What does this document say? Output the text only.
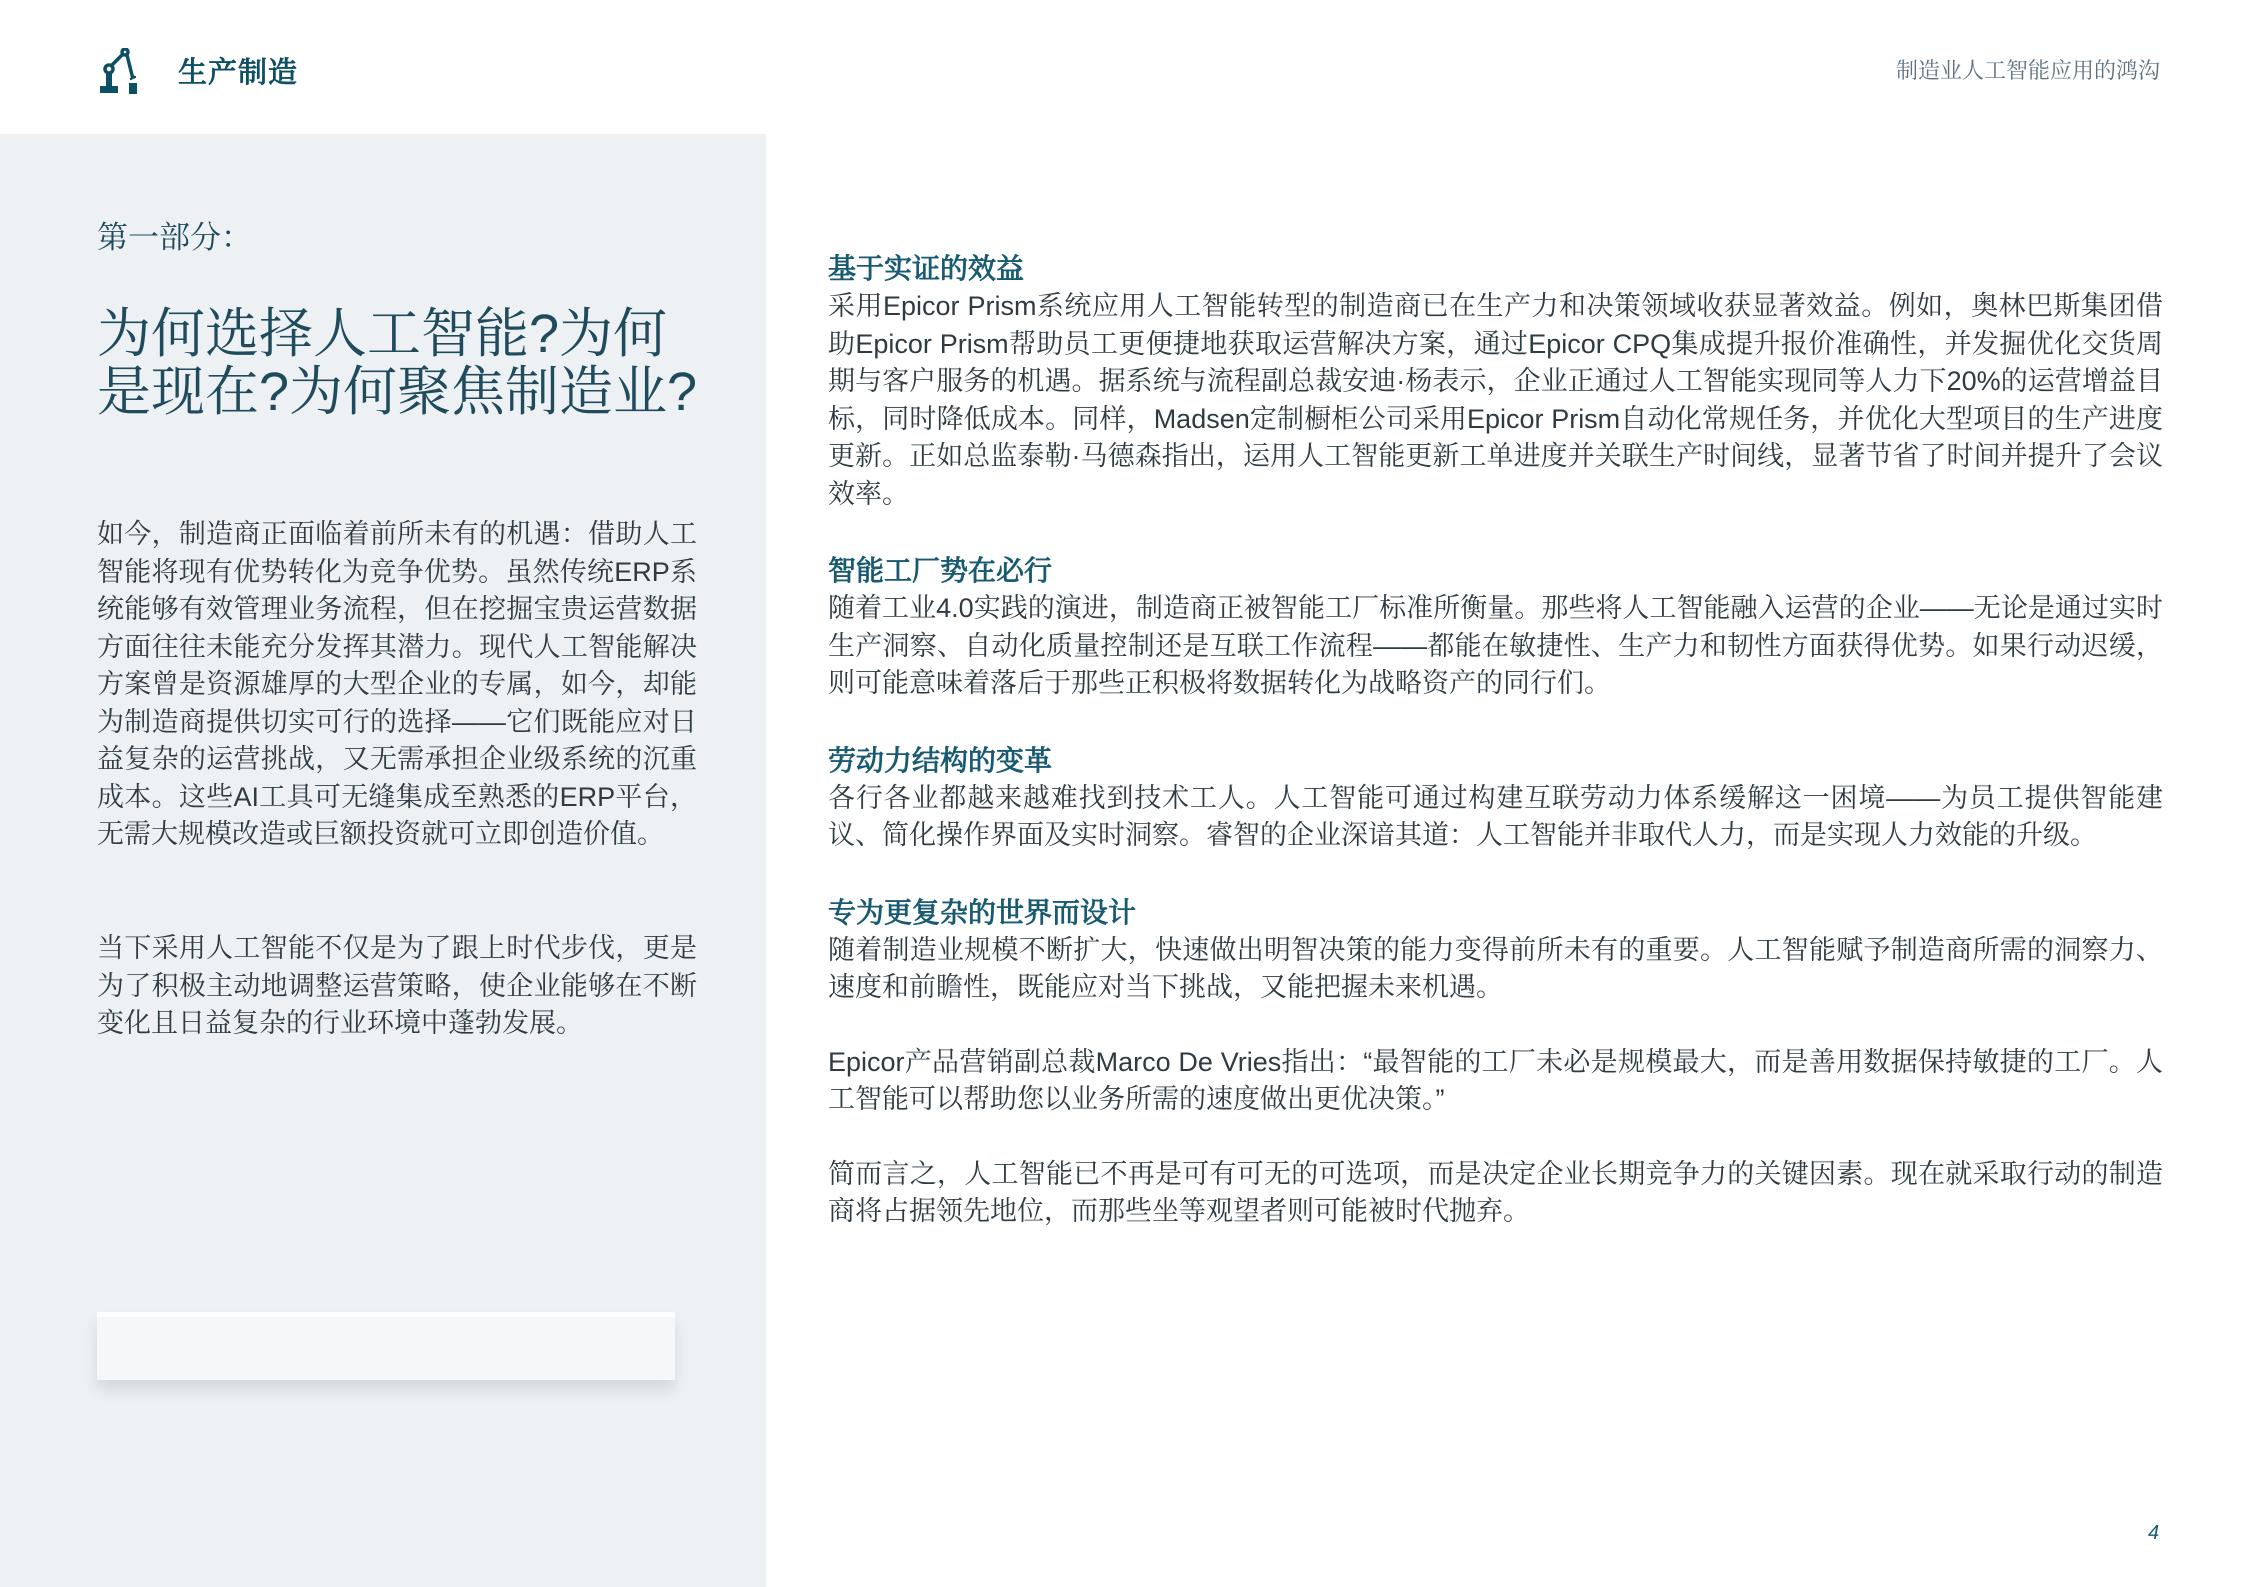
生产制造	制造业人工智能应用的鸿沟
第一部分：
为何选择人工智能?为何是现在?为何聚焦制造业?

如今，制造商正面临着前所未有的机遇：借助人工智能将现有优势转化为竞争优势。虽然传统ERP系统能够有效管理业务流程，但在挖掘宝贵运营数据方面往往未能充分发挥其潜力。现代人工智能解决方案曾是资源雄厚的大型企业的专属，如今，却能为制造商提供切实可行的选择——它们既能应对日益复杂的运营挑战，又无需承担企业级系统的沉重成本。这些AI工具可无缝集成至熟悉的ERP平台，无需大规模改造或巨额投资就可立即创造价值。

当下采用人工智能不仅是为了跟上时代步伐，更是为了积极主动地调整运营策略，使企业能够在不断变化且日益复杂的行业环境中蓬勃发展。

基于实证的效益

采用Epicor Prism系统应用人工智能转型的制造商已在生产力和决策领域收获显著效益。例如，奥林巴斯集团借助Epicor Prism帮助员工更便捷地获取运营解决方案，通过Epicor CPQ集成提升报价准确性，并发掘优化交货周期与客户服务的机遇。据系统与流程副总裁安迪·杨表示，企业正通过人工智能实现同等人力下20%的运营增益目标，同时降低成本。同样，Madsen定制橱柜公司采用Epicor Prism自动化常规任务，并优化大型项目的生产进度更新。正如总监泰勒·马德森指出，运用人工智能更新工单进度并关联生产时间线，显著节省了时间并提升了会议效率。

智能工厂势在必行

随着工业4.0实践的演进，制造商正被智能工厂标准所衡量。那些将人工智能融入运营的企业——无论是通过实时生产洞察、自动化质量控制还是互联工作流程——都能在敏捷性、生产力和韧性方面获得优势。如果行动迟缓，则可能意味着落后于那些正积极将数据转化为战略资产的同行们。

劳动力结构的变革

各行各业都越来越难找到技术工人。人工智能可通过构建互联劳动力体系缓解这一困境——为员工提供智能建议、简化操作界面及实时洞察。睿智的企业深谙其道：人工智能并非取代人力，而是实现人力效能的升级。

专为更复杂的世界而设计

随着制造业规模不断扩大，快速做出明智决策的能力变得前所未有的重要。人工智能赋予制造商所需的洞察力、速度和前瞻性，既能应对当下挑战，又能把握未来机遇。

Epicor产品营销副总裁Marco De Vries指出：“最智能的工厂未必是规模最大，而是善用数据保持敏捷的工厂。人工智能可以帮助您以业务所需的速度做出更优决策。”

简而言之，人工智能已不再是可有可无的可选项，而是决定企业长期竞争力的关键因素。现在就采取行动的制造商将占据领先地位，而那些坐等观望者则可能被时代抛弃。

4
